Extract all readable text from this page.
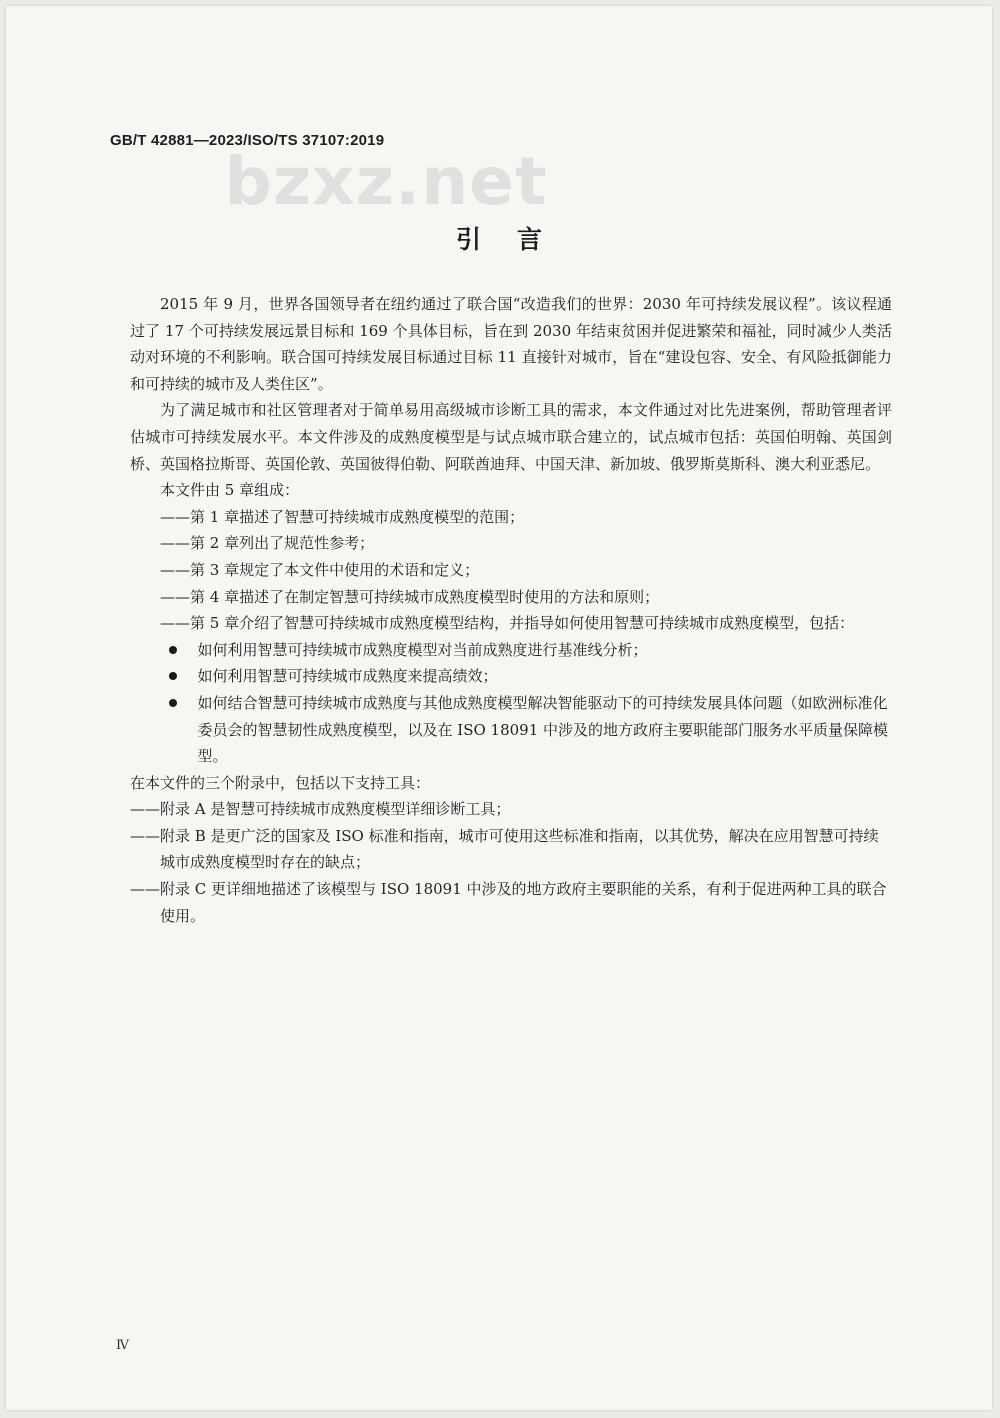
GB/T 42881—2023/ISO/TS 37107:2019
bzxz.net
引言

2015 年 9 月，世界各国领导者在纽约通过了联合国“改造我们的世界：2030 年可持续发展议程”。该议程通过了 17 个可持续发展远景目标和 169 个具体目标，旨在到 2030 年结束贫困并促进繁荣和福祉，同时减少人类活动对环境的不利影响。联合国可持续发展目标通过目标 11 直接针对城市，旨在“建设包容、安全、有风险抵御能力和可持续的城市及人类住区”。

为了满足城市和社区管理者对于简单易用高级城市诊断工具的需求，本文件通过对比先进案例，帮助管理者评估城市可持续发展水平。本文件涉及的成熟度模型是与试点城市联合建立的，试点城市包括：英国伯明翰、英国剑桥、英国格拉斯哥、英国伦敦、英国彼得伯勒、阿联酋迪拜、中国天津、新加坡、俄罗斯莫斯科、澳大利亚悉尼。

本文件由 5 章组成：

——第 1 章描述了智慧可持续城市成熟度模型的范围；

——第 2 章列出了规范性参考；

——第 3 章规定了本文件中使用的术语和定义；

——第 4 章描述了在制定智慧可持续城市成熟度模型时使用的方法和原则；

——第 5 章介绍了智慧可持续城市成熟度模型结构，并指导如何使用智慧可持续城市成熟度模型，包括：

如何利用智慧可持续城市成熟度模型对当前成熟度进行基准线分析；
如何利用智慧可持续城市成熟度来提高绩效；
如何结合智慧可持续城市成熟度与其他成熟度模型解决智能驱动下的可持续发展具体问题（如欧洲标准化委员会的智慧韧性成熟度模型，以及在 ISO 18091 中涉及的地方政府主要职能部门服务水平质量保障模型。

在本文件的三个附录中，包括以下支持工具：

——附录 A 是智慧可持续城市成熟度模型详细诊断工具；

——附录 B 是更广泛的国家及 ISO 标准和指南，城市可使用这些标准和指南，以其优势，解决在应用智慧可持续城市成熟度模型时存在的缺点；

——附录 C 更详细地描述了该模型与 ISO 18091 中涉及的地方政府主要职能的关系，有利于促进两种工具的联合使用。

Ⅳ
